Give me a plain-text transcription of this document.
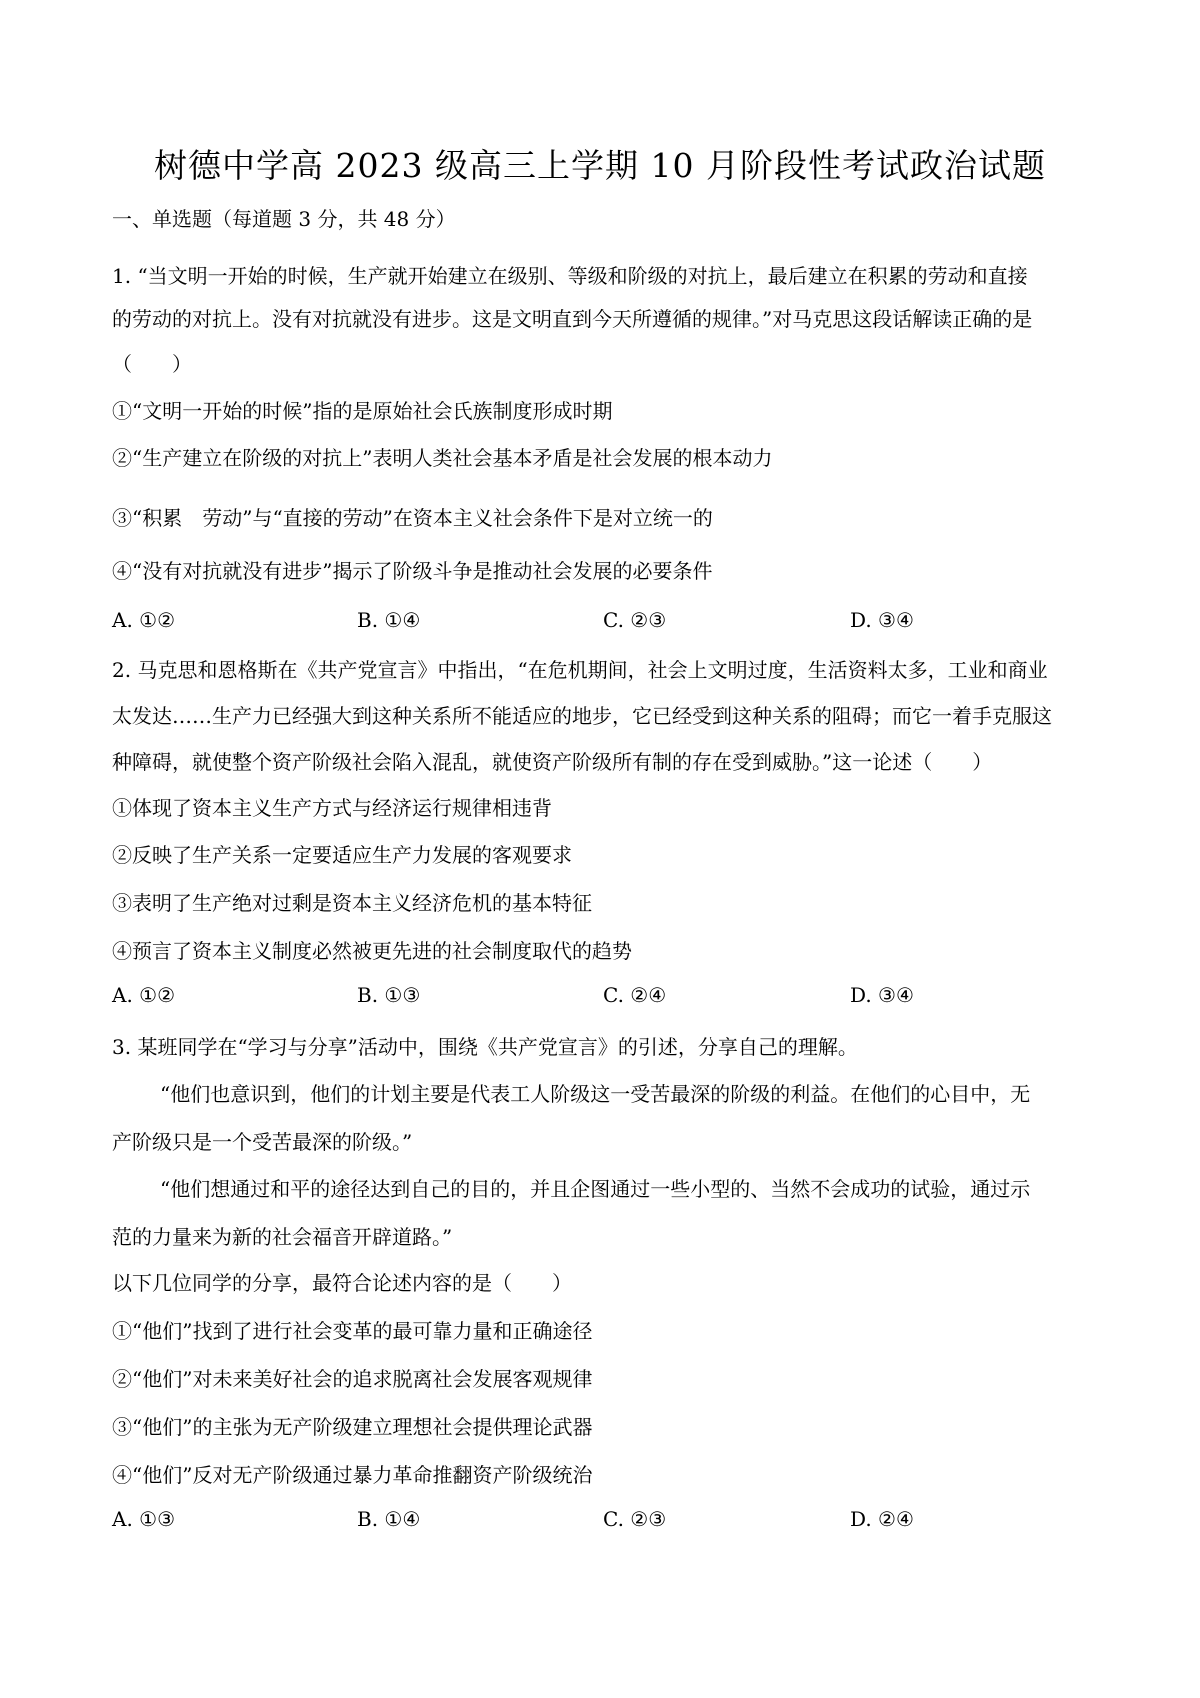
树德中学高 2023 级高三上学期 10 月阶段性考试政治试题
一、单选题（每道题 3 分，共 48 分）
1. “当文明一开始的时候，生产就开始建立在级别、等级和阶级的对抗上，最后建立在积累的劳动和直接
的劳动的对抗上。没有对抗就没有进步。这是文明直到今天所遵循的规律。”对马克思这段话解读正确的是
（　　）
①“文明一开始的时候”指的是原始社会氏族制度形成时期
②“生产建立在阶级的对抗上”表明人类社会基本矛盾是社会发展的根本动力
③“积累　劳动”与“直接的劳动”在资本主义社会条件下是对立统一的
④“没有对抗就没有进步”揭示了阶级斗争是推动社会发展的必要条件
A. ①②	B. ①④	C. ②③	D. ③④
2. 马克思和恩格斯在《共产党宣言》中指出，“在危机期间，社会上文明过度，生活资料太多，工业和商业
太发达……生产力已经强大到这种关系所不能适应的地步，它已经受到这种关系的阻碍；而它一着手克服这
种障碍，就使整个资产阶级社会陷入混乱，就使资产阶级所有制的存在受到威胁。”这一论述（　　）
①体现了资本主义生产方式与经济运行规律相违背
②反映了生产关系一定要适应生产力发展的客观要求
③表明了生产绝对过剩是资本主义经济危机的基本特征
④预言了资本主义制度必然被更先进的社会制度取代的趋势
A. ①②	B. ①③	C. ②④	D. ③④
3. 某班同学在“学习与分享”活动中，围绕《共产党宣言》的引述，分享自己的理解。
“他们也意识到，他们的计划主要是代表工人阶级这一受苦最深的阶级的利益。在他们的心目中，无
产阶级只是一个受苦最深的阶级。”
“他们想通过和平的途径达到自己的目的，并且企图通过一些小型的、当然不会成功的试验，通过示
范的力量来为新的社会福音开辟道路。”
以下几位同学的分享，最符合论述内容的是（　　）
①“他们”找到了进行社会变革的最可靠力量和正确途径
②“他们”对未来美好社会的追求脱离社会发展客观规律
③“他们”的主张为无产阶级建立理想社会提供理论武器
④“他们”反对无产阶级通过暴力革命推翻资产阶级统治
A. ①③	B. ①④	C. ②③	D. ②④
